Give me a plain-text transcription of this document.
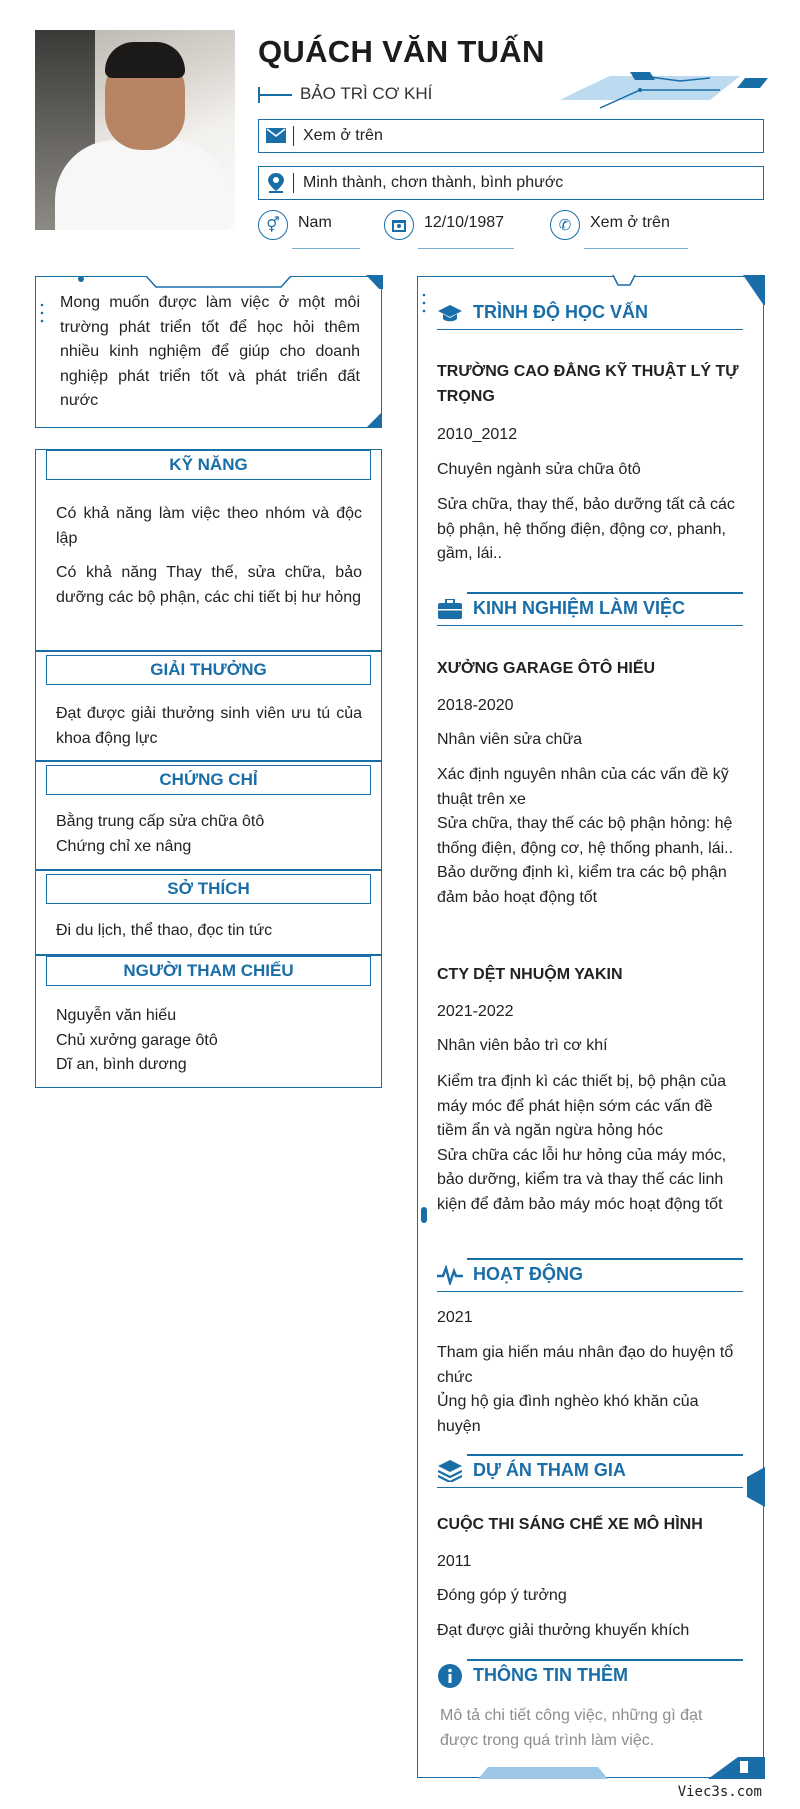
QUÁCH VĂN TUẤN
BẢO TRÌ CƠ KHÍ
Xem ở trên
Minh thành, chơn thành, bình phước
⚥	Nam	12/10/1987	✆	Xem ở trên
Mong muốn được làm việc ở một môi trường phát triển tốt để học hỏi thêm nhiều kinh nghiệm để giúp cho doanh nghiệp phát triển tốt và phát triển đất nước
KỸ NĂNG

Có khả năng làm việc theo nhóm và độc lập

Có khả năng Thay thế, sửa chữa, bảo dưỡng các bộ phận, các chi tiết bị hư hỏng

GIẢI THƯỞNG

Đạt được giải thưởng sinh viên ưu tú của khoa động lực

CHỨNG CHỈ
Bằng trung cấp sửa chữa ôtô
Chứng chỉ xe nâng
SỞ THÍCH
Đi du lịch, thể thao, đọc tin tức
NGƯỜI THAM CHIẾU
Nguyễn văn hiếu
Chủ xưởng garage ôtô
Dĩ an, bình dương
TRÌNH ĐỘ HỌC VẤN
TRƯỜNG CAO ĐẲNG KỸ THUẬT LÝ TỰ TRỌNG
2010_2012
Chuyên ngành sửa chữa ôtô
Sửa chữa, thay thế, bảo dưỡng tất cả các bộ phận, hệ thống điện, động cơ, phanh, gầm, lái..
KINH NGHIỆM LÀM VIỆC
XƯỞNG GARAGE ÔTÔ HIẾU
2018-2020
Nhân viên sửa chữa
Xác định nguyên nhân của các vấn đề kỹ thuật trên xe
Sửa chữa, thay thế các bộ phận hỏng: hệ thống điện, động cơ, hệ thống phanh, lái..
Bảo dưỡng định kì, kiểm tra các bộ phận đảm bảo hoạt động tốt
CTY DỆT NHUỘM YAKIN
2021-2022
Nhân viên bảo trì cơ khí
Kiểm tra định kì các thiết bị, bộ phận của máy móc để phát hiện sớm các vấn đề tiềm ẩn và ngăn ngừa hỏng hóc
Sửa chữa các lỗi hư hỏng của máy móc, bảo dưỡng, kiểm tra và thay thế các linh kiện để đảm bảo máy móc hoạt động tốt
HOẠT ĐỘNG
2021
Tham gia hiến máu nhân đạo do huyện tổ chức
Ủng hộ gia đình nghèo khó khăn của huyện
DỰ ÁN THAM GIA
CUỘC THI SÁNG CHẾ XE MÔ HÌNH
2011
Đóng góp ý tưởng
Đạt được giải thưởng khuyến khích
THÔNG TIN THÊM
Mô tả chi tiết công việc, những gì đạt được trong quá trình làm việc.
Viec3s.com
